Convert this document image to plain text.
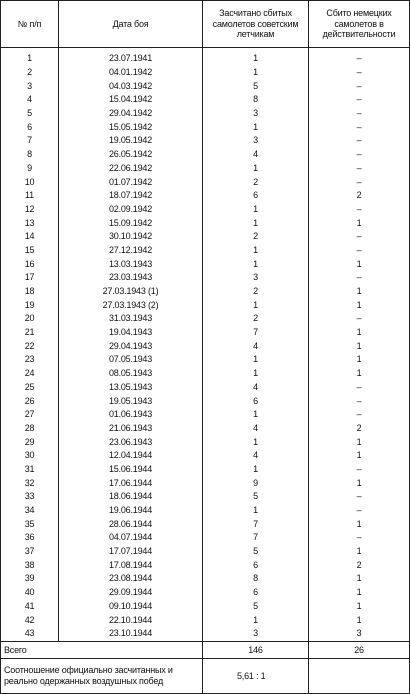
№ п/п	Дата боя	Засчитано сбитых самолетов советским летчикам	Сбито немецких самолетов в действительности

1	23.07.1941	1	–
2	04.01.1942	1	–
3	04.03.1942	5	–
4	15.04.1942	8	–
5	29.04.1942	3	–
6	15.05.1942	1	–
7	19.05.1942	3	–
8	26.05.1942	4	–
9	22.06.1942	1	–
10	01.07.1942	2	–
11	18.07.1942	6	2
12	02.09.1942	1	–
13	15.09.1942	1	1
14	30.10.1942	2	–
15	27.12.1942	1	–
16	13.03.1943	1	1
17	23.03.1943	3	–
18	27.03.1943 (1)	2	1
19	27.03.1943 (2)	1	1
20	31.03.1943	2	–
21	19.04.1943	7	1
22	29.04.1943	4	1
23	07.05.1943	1	1
24	08.05.1943	1	1
25	13.05.1943	4	–
26	19.05.1943	6	–
27	01.06.1943	1	–
28	21.06.1943	4	2
29	23.06.1943	1	1
30	12.04.1944	4	1
31	15.06.1944	1	–
32	17.06.1944	9	1
33	18.06.1944	5	–
34	19.06.1944	1	–
35	28.06.1944	7	1
36	04.07.1944	7	–
37	17.07.1944	5	1
38	17.08.1944	6	2
39	23.08.1944	8	1
40	29.09.1944	6	1
41	09.10.1944	5	1
42	22.10.1944	1	1
43	23.10.1944	3	3
Всего		146	26
Соотношение официально засчитанных и реально одержанных воздушных побед		5,61 : 1	
